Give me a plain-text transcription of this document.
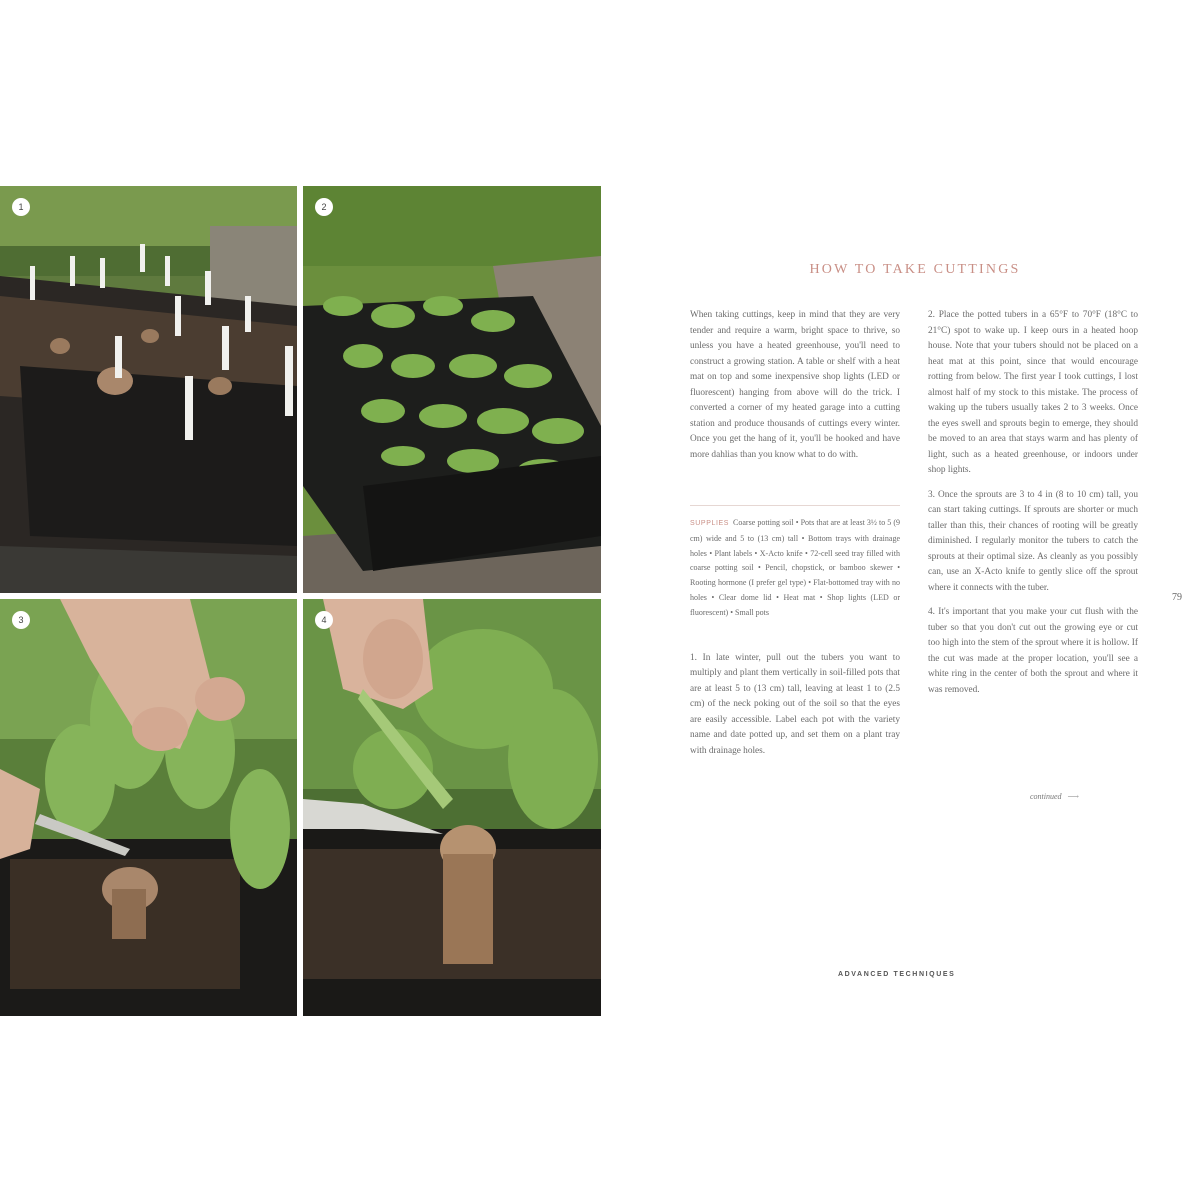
1	2
3	4
HOW TO TAKE CUTTINGS

When taking cuttings, keep in mind that they are very tender and require a warm, bright space to thrive, so unless you have a heated greenhouse, you'll need to construct a growing station. A table or shelf with a heat mat on top and some inexpensive shop lights (LED or fluorescent) hanging from above will do the trick. I converted a corner of my heated garage into a cutting station and produce thousands of cuttings every winter. Once you get the hang of it, you'll be hooked and have more dahlias than you know what to do with.

SUPPLIES Coarse potting soil • Pots that are at least 3½ to 5 (9 cm) wide and 5 to (13 cm) tall • Bottom trays with drainage holes • Plant labels • X-Acto knife • 72-cell seed tray filled with coarse potting soil • Pencil, chopstick, or bamboo skewer • Rooting hormone (I prefer gel type) • Flat-bottomed tray with no holes • Clear dome lid • Heat mat • Shop lights (LED or fluorescent) • Small pots

1. In late winter, pull out the tubers you want to multiply and plant them vertically in soil-filled pots that are at least 5 to (13 cm) tall, leaving at least 1 to (2.5 cm) of the neck poking out of the soil so that the eyes are easily accessible. Label each pot with the variety name and date potted up, and set them on a plant tray with drainage holes.

2. Place the potted tubers in a 65°F to 70°F (18°C to 21°C) spot to wake up. I keep ours in a heated hoop house. Note that your tubers should not be placed on a heat mat at this point, since that would encourage rotting from below. The first year I took cuttings, I lost almost half of my stock to this mistake. The process of waking up the tubers usually takes 2 to 3 weeks. Once the eyes swell and sprouts begin to emerge, they should be moved to an area that stays warm and has plenty of light, such as a heated greenhouse, or indoors under shop lights.

3. Once the sprouts are 3 to 4 in (8 to 10 cm) tall, you can start taking cuttings. If sprouts are shorter or much taller than this, their chances of rooting will be greatly diminished. I regularly monitor the tubers to catch the sprouts at their optimal size. As cleanly as you possibly can, use an X-Acto knife to gently slice off the sprout where it connects with the tuber.

4. It's important that you make your cut flush with the tuber so that you don't cut out the growing eye or cut too high into the stem of the sprout where it is hollow. If the cut was made at the proper location, you'll see a white ring in the center of both the sprout and where it was removed.

continued ⟶
79
ADVANCED TECHNIQUES
